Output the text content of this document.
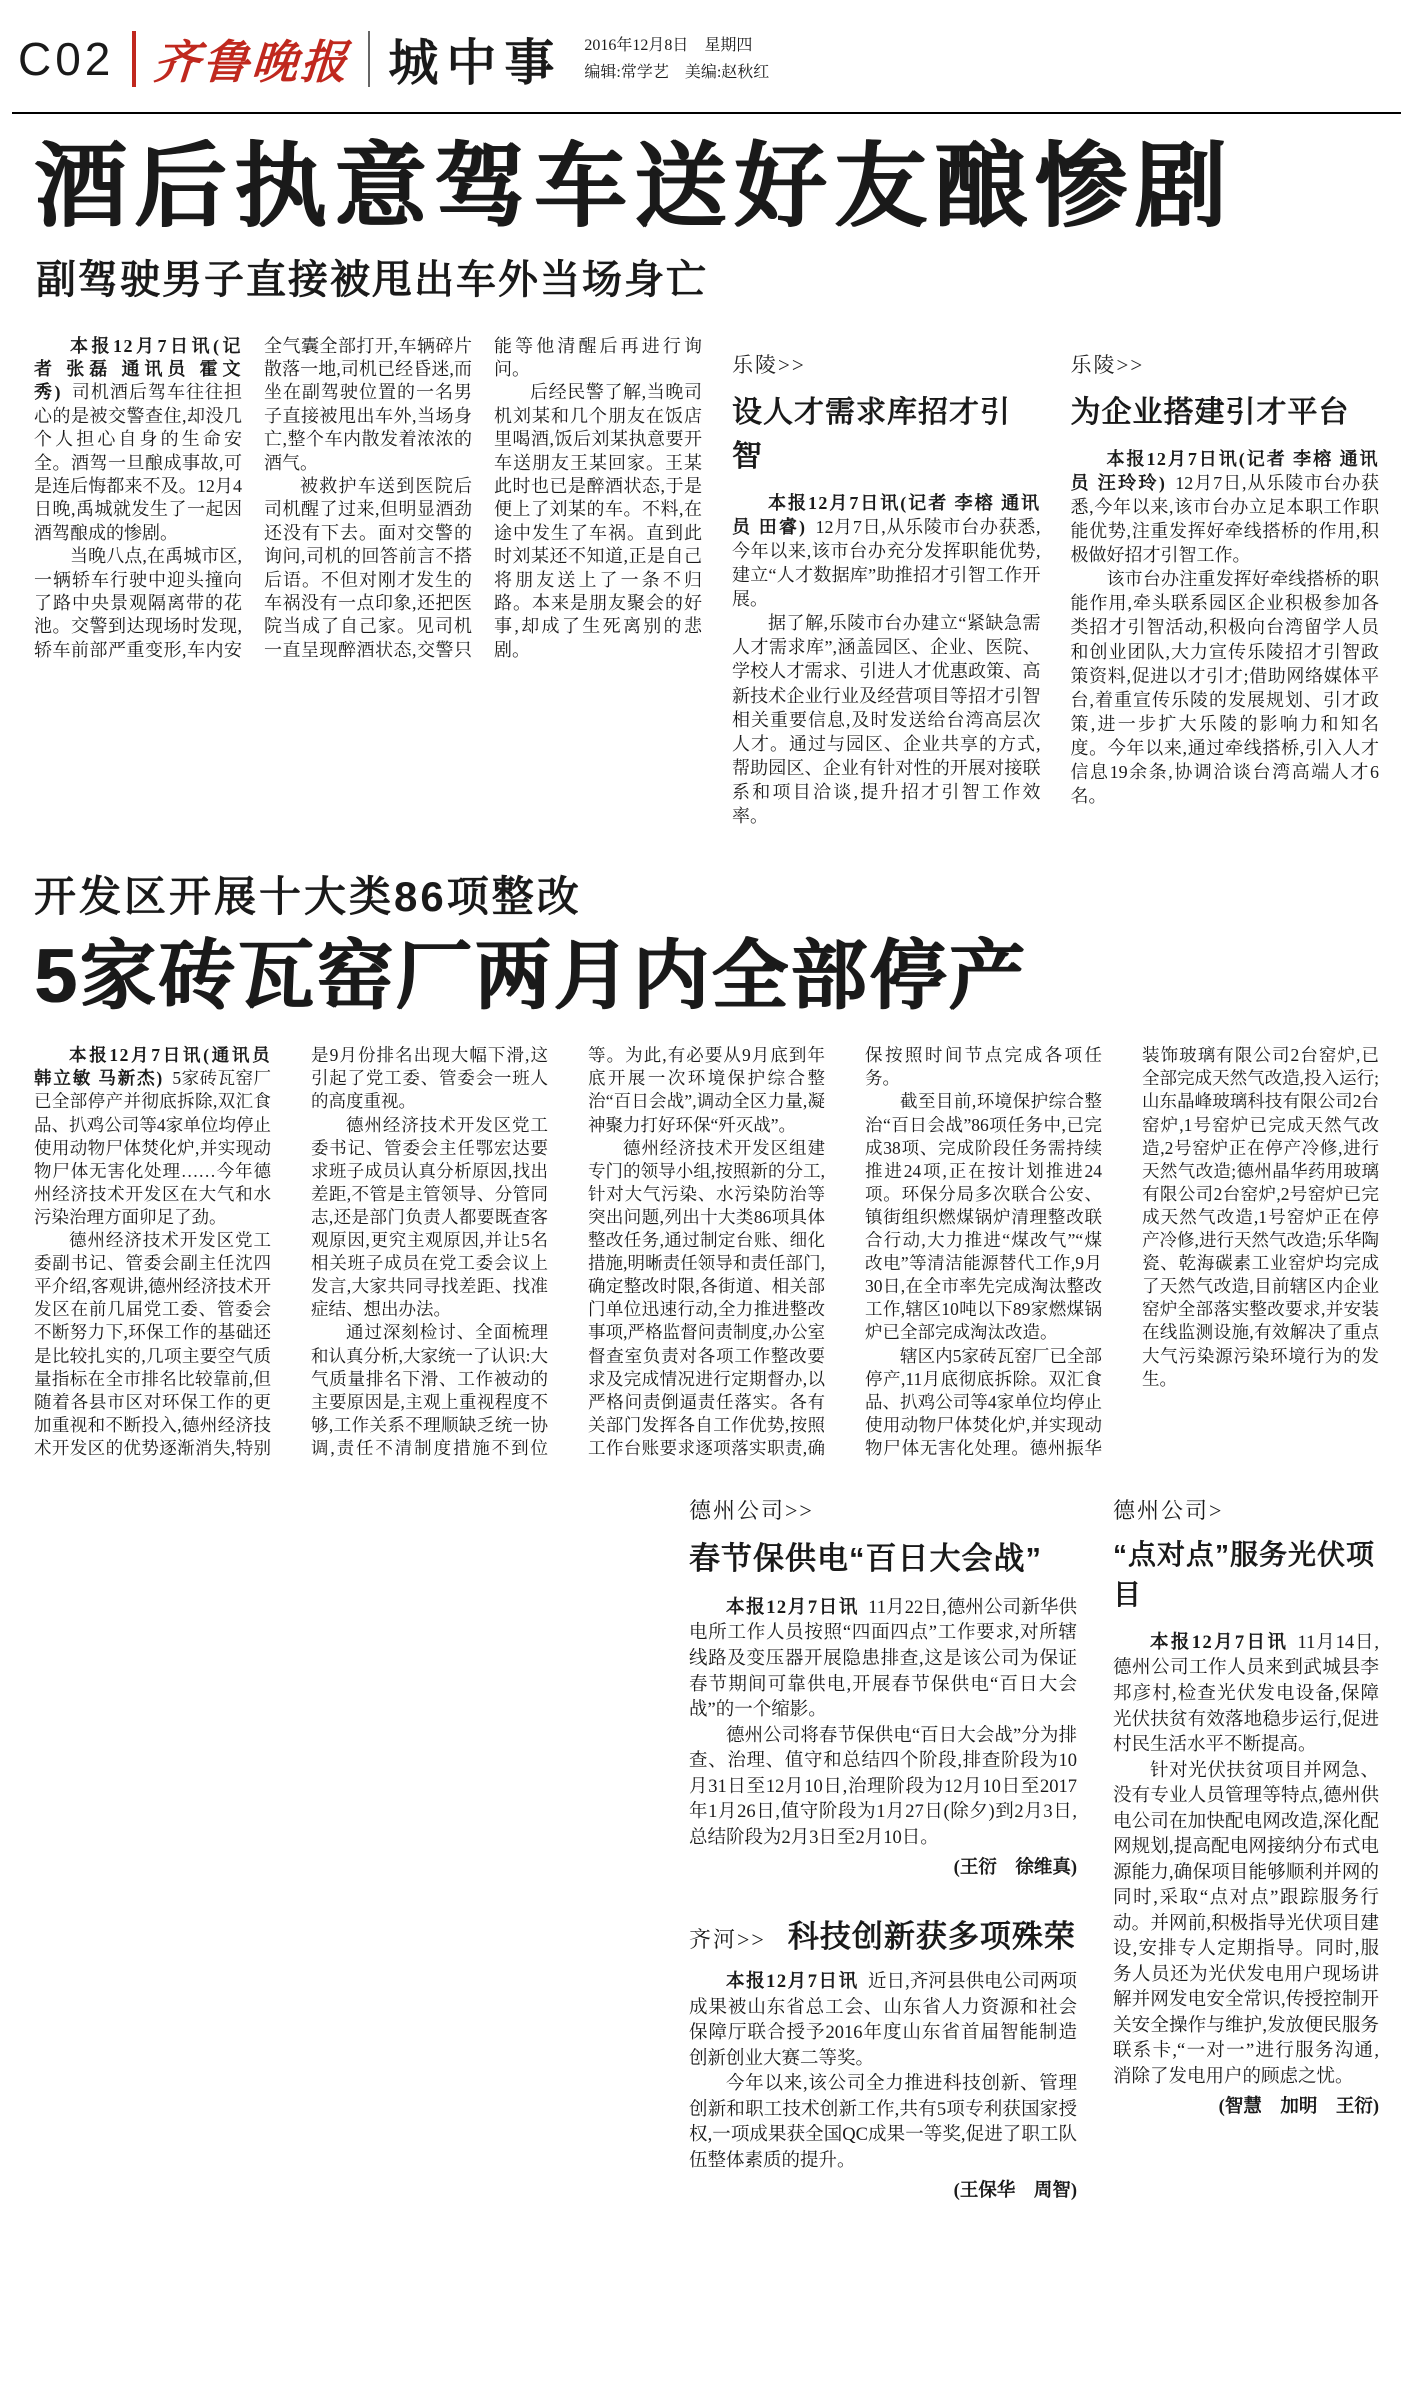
C02 齐鲁晚报 城中事 2016年12月8日　星期四
编辑:常学艺　美编:赵秋红
酒后执意驾车送好友酿惨剧
副驾驶男子直接被甩出车外当场身亡

本报12月7日讯(记者 张磊 通讯员 霍文秀) 司机酒后驾车往往担心的是被交警查住,却没几个人担心自身的生命安全。酒驾一旦酿成事故,可是连后悔都来不及。12月4日晚,禹城就发生了一起因酒驾酿成的惨剧。

当晚八点,在禹城市区,一辆轿车行驶中迎头撞向了路中央景观隔离带的花池。交警到达现场时发现,轿车前部严重变形,车内安全气囊全部打开,车辆碎片散落一地,司机已经昏迷,而坐在副驾驶位置的一名男子直接被甩出车外,当场身亡,整个车内散发着浓浓的酒气。

被救护车送到医院后司机醒了过来,但明显酒劲还没有下去。面对交警的询问,司机的回答前言不搭后语。不但对刚才发生的车祸没有一点印象,还把医院当成了自己家。见司机一直呈现醉酒状态,交警只能等他清醒后再进行询问。

后经民警了解,当晚司机刘某和几个朋友在饭店里喝酒,饭后刘某执意要开车送朋友王某回家。王某此时也已是醉酒状态,于是便上了刘某的车。不料,在途中发生了车祸。直到此时刘某还不知道,正是自己将朋友送上了一条不归路。本来是朋友聚会的好事,却成了生死离别的悲剧。

乐陵>>
设人才需求库招才引智

本报12月7日讯(记者 李榕 通讯员 田睿) 12月7日,从乐陵市台办获悉,今年以来,该市台办充分发挥职能优势,建立“人才数据库”助推招才引智工作开展。

据了解,乐陵市台办建立“紧缺急需人才需求库”,涵盖园区、企业、医院、学校人才需求、引进人才优惠政策、高新技术企业行业及经营项目等招才引智相关重要信息,及时发送给台湾高层次人才。通过与园区、企业共享的方式,帮助园区、企业有针对性的开展对接联系和项目洽谈,提升招才引智工作效率。

乐陵>>
为企业搭建引才平台

本报12月7日讯(记者 李榕 通讯员 汪玲玲) 12月7日,从乐陵市台办获悉,今年以来,该市台办立足本职工作职能优势,注重发挥好牵线搭桥的作用,积极做好招才引智工作。

该市台办注重发挥好牵线搭桥的职能作用,牵头联系园区企业积极参加各类招才引智活动,积极向台湾留学人员和创业团队,大力宣传乐陵招才引智政策资料,促进以才引才;借助网络媒体平台,着重宣传乐陵的发展规划、引才政策,进一步扩大乐陵的影响力和知名度。今年以来,通过牵线搭桥,引入人才信息19余条,协调洽谈台湾高端人才6名。

开发区开展十大类86项整改
5家砖瓦窑厂两月内全部停产

本报12月7日讯(通讯员 韩立敏 马新杰) 5家砖瓦窑厂已全部停产并彻底拆除,双汇食品、扒鸡公司等4家单位均停止使用动物尸体焚化炉,并实现动物尸体无害化处理……今年德州经济技术开发区在大气和水污染治理方面卯足了劲。

德州经济技术开发区党工委副书记、管委会副主任沈四平介绍,客观讲,德州经济技术开发区在前几届党工委、管委会不断努力下,环保工作的基础还是比较扎实的,几项主要空气质量指标在全市排名比较靠前,但随着各县市区对环保工作的更加重视和不断投入,德州经济技术开发区的优势逐渐消失,特别是9月份排名出现大幅下滑,这引起了党工委、管委会一班人的高度重视。

德州经济技术开发区党工委书记、管委会主任鄂宏达要求班子成员认真分析原因,找出差距,不管是主管领导、分管同志,还是部门负责人都要既查客观原因,更究主观原因,并让5名相关班子成员在党工委会议上发言,大家共同寻找差距、找准症结、想出办法。

通过深刻检讨、全面梳理和认真分析,大家统一了认识:大气质量排名下滑、工作被动的主要原因是,主观上重视程度不够,工作关系不理顺缺乏统一协调,责任不清制度措施不到位等。为此,有必要从9月底到年底开展一次环境保护综合整治“百日会战”,调动全区力量,凝神聚力打好环保“歼灭战”。

德州经济技术开发区组建专门的领导小组,按照新的分工,针对大气污染、水污染防治等突出问题,列出十大类86项具体整改任务,通过制定台账、细化措施,明晰责任领导和责任部门,确定整改时限,各街道、相关部门单位迅速行动,全力推进整改事项,严格监督问责制度,办公室督查室负责对各项工作整改要求及完成情况进行定期督办,以严格问责倒逼责任落实。各有关部门发挥各自工作优势,按照工作台账要求逐项落实职责,确保按照时间节点完成各项任务。

截至目前,环境保护综合整治“百日会战”86项任务中,已完成38项、完成阶段任务需持续推进24项,正在按计划推进24项。环保分局多次联合公安、镇街组织燃煤锅炉清理整改联合行动,大力推进“煤改气”“煤改电”等清洁能源替代工作,9月30日,在全市率先完成淘汰整改工作,辖区10吨以下89家燃煤锅炉已全部完成淘汰改造。

辖区内5家砖瓦窑厂已全部停产,11月底彻底拆除。双汇食品、扒鸡公司等4家单位均停止使用动物尸体焚化炉,并实现动物尸体无害化处理。德州振华装饰玻璃有限公司2台窑炉,已全部完成天然气改造,投入运行;山东晶峰玻璃科技有限公司2台窑炉,1号窑炉已完成天然气改造,2号窑炉正在停产冷修,进行天然气改造;德州晶华药用玻璃有限公司2台窑炉,2号窑炉已完成天然气改造,1号窑炉正在停产冷修,进行天然气改造;乐华陶瓷、乾海碳素工业窑炉均完成了天然气改造,目前辖区内企业窑炉全部落实整改要求,并安装在线监测设施,有效解决了重点大气污染源污染环境行为的发生。

德州公司>>
春节保供电“百日大会战”

本报12月7日讯 11月22日,德州公司新华供电所工作人员按照“四面四点”工作要求,对所辖线路及变压器开展隐患排查,这是该公司为保证春节期间可靠供电,开展春节保供电“百日大会战”的一个缩影。

德州公司将春节保供电“百日大会战”分为排查、治理、值守和总结四个阶段,排查阶段为10月31日至12月10日,治理阶段为12月10日至2017年1月26日,值守阶段为1月27日(除夕)到2月3日,总结阶段为2月3日至2月10日。

(王衍　徐维真)
齐河>> 科技创新获多项殊荣

本报12月7日讯 近日,齐河县供电公司两项成果被山东省总工会、山东省人力资源和社会保障厅联合授予2016年度山东省首届智能制造创新创业大赛二等奖。

今年以来,该公司全力推进科技创新、管理创新和职工技术创新工作,共有5项专利获国家授权,一项成果获全国QC成果一等奖,促进了职工队伍整体素质的提升。

(王保华　周智)
德州公司>
“点对点”服务光伏项目

本报12月7日讯 11月14日,德州公司工作人员来到武城县李邦彦村,检查光伏发电设备,保障光伏扶贫有效落地稳步运行,促进村民生活水平不断提高。

针对光伏扶贫项目并网急、没有专业人员管理等特点,德州供电公司在加快配电网改造,深化配网规划,提高配电网接纳分布式电源能力,确保项目能够顺利并网的同时,采取“点对点”跟踪服务行动。并网前,积极指导光伏项目建设,安排专人定期指导。同时,服务人员还为光伏发电用户现场讲解并网发电安全常识,传授控制开关安全操作与维护,发放便民服务联系卡,“一对一”进行服务沟通,消除了发电用户的顾虑之忧。

(智慧　加明　王衍)
